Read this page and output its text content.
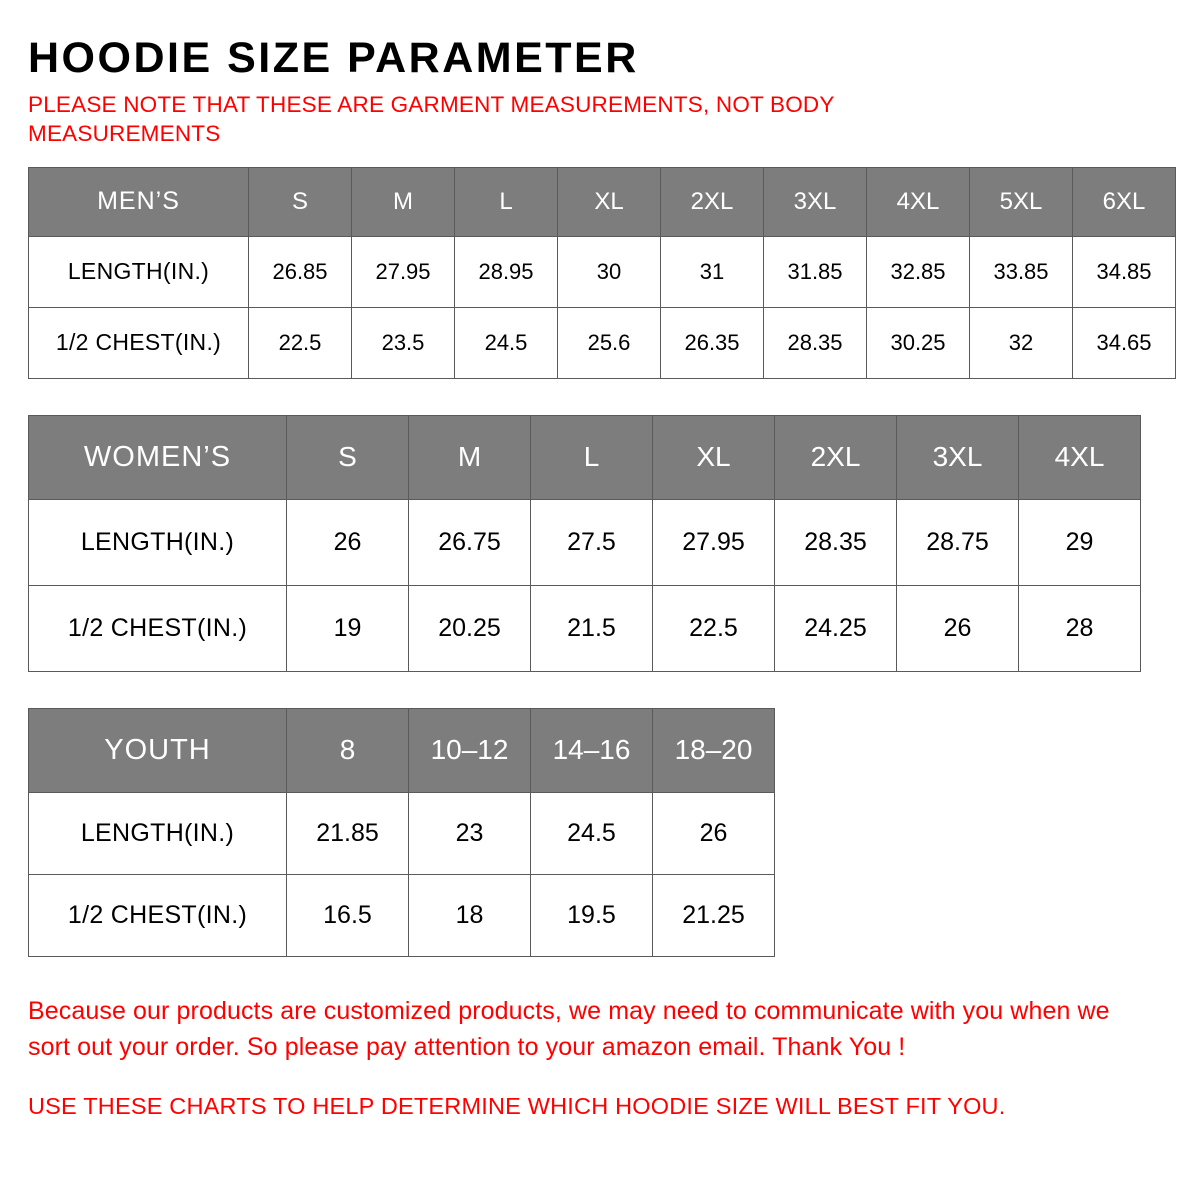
HOODIE SIZE PARAMETER
PLEASE NOTE THAT THESE ARE GARMENT MEASUREMENTS, NOT BODY MEASUREMENTS
MEN’S	S	M	L	XL	2XL	3XL	4XL	5XL	6XL
LENGTH(IN.)	26.85	27.95	28.95	30	31	31.85	32.85	33.85	34.85
1/2 CHEST(IN.)	22.5	23.5	24.5	25.6	26.35	28.35	30.25	32	34.65
WOMEN’S	S	M	L	XL	2XL	3XL	4XL
LENGTH(IN.)	26	26.75	27.5	27.95	28.35	28.75	29
1/2 CHEST(IN.)	19	20.25	21.5	22.5	24.25	26	28
YOUTH	8	10–12	14–16	18–20
LENGTH(IN.)	21.85	23	24.5	26
1/2 CHEST(IN.)	16.5	18	19.5	21.25
Because our products are customized products, we may need to communicate with you when we sort out your order. So please pay attention to your amazon email. Thank You !
USE THESE CHARTS TO HELP DETERMINE WHICH HOODIE SIZE WILL BEST FIT YOU.
